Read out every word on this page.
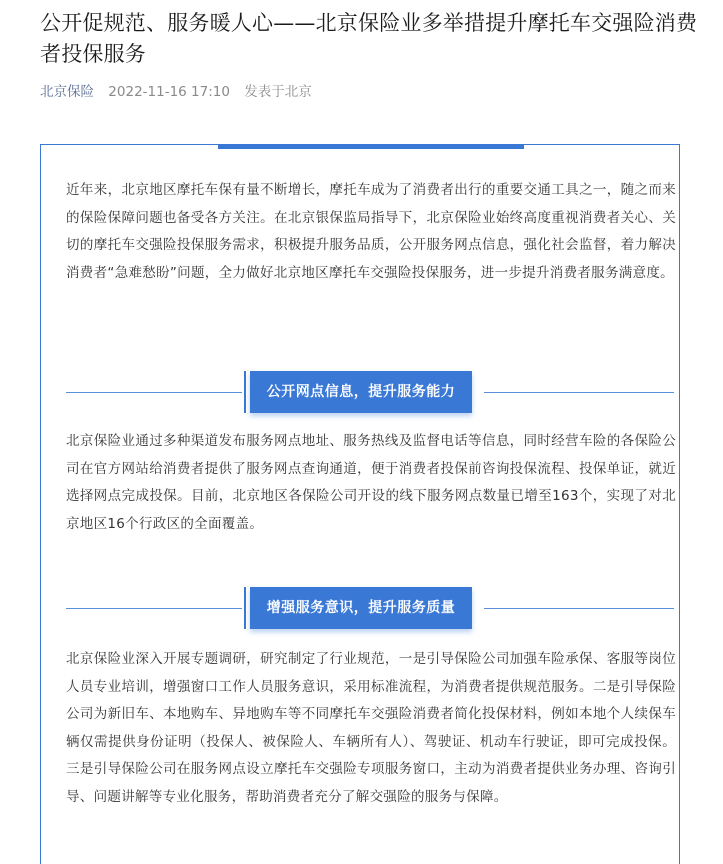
公开促规范、服务暖人心——北京保险业多举措提升摩托车交强险消费者投保服务
北京保险 2022-11-16 17:10 发表于北京

近年来，北京地区摩托车保有量不断增长，摩托车成为了消费者出行的重要交通工具之一，随之而来的保险保障问题也备受各方关注。在北京银保监局指导下，北京保险业始终高度重视消费者关心、关切的摩托车交强险投保服务需求，积极提升服务品质，公开服务网点信息，强化社会监督，着力解决消费者“急难愁盼”问题，全力做好北京地区摩托车交强险投保服务，进一步提升消费者服务满意度。

公开网点信息，提升服务能力

北京保险业通过多种渠道发布服务网点地址、服务热线及监督电话等信息，同时经营车险的各保险公司在官方网站给消费者提供了服务网点查询通道，便于消费者投保前咨询投保流程、投保单证，就近选择网点完成投保。目前，北京地区各保险公司开设的线下服务网点数量已增至163个，实现了对北京地区16个行政区的全面覆盖。

增强服务意识，提升服务质量

北京保险业深入开展专题调研，研究制定了行业规范，一是引导保险公司加强车险承保、客服等岗位人员专业培训，增强窗口工作人员服务意识，采用标准流程，为消费者提供规范服务。二是引导保险公司为新旧车、本地购车、异地购车等不同摩托车交强险消费者简化投保材料，例如本地个人续保车辆仅需提供身份证明（投保人、被保险人、车辆所有人）、驾驶证、机动车行驶证，即可完成投保。三是引导保险公司在服务网点设立摩托车交强险专项服务窗口，主动为消费者提供业务办理、咨询引导、问题讲解等专业化服务，帮助消费者充分了解交强险的服务与保障。
